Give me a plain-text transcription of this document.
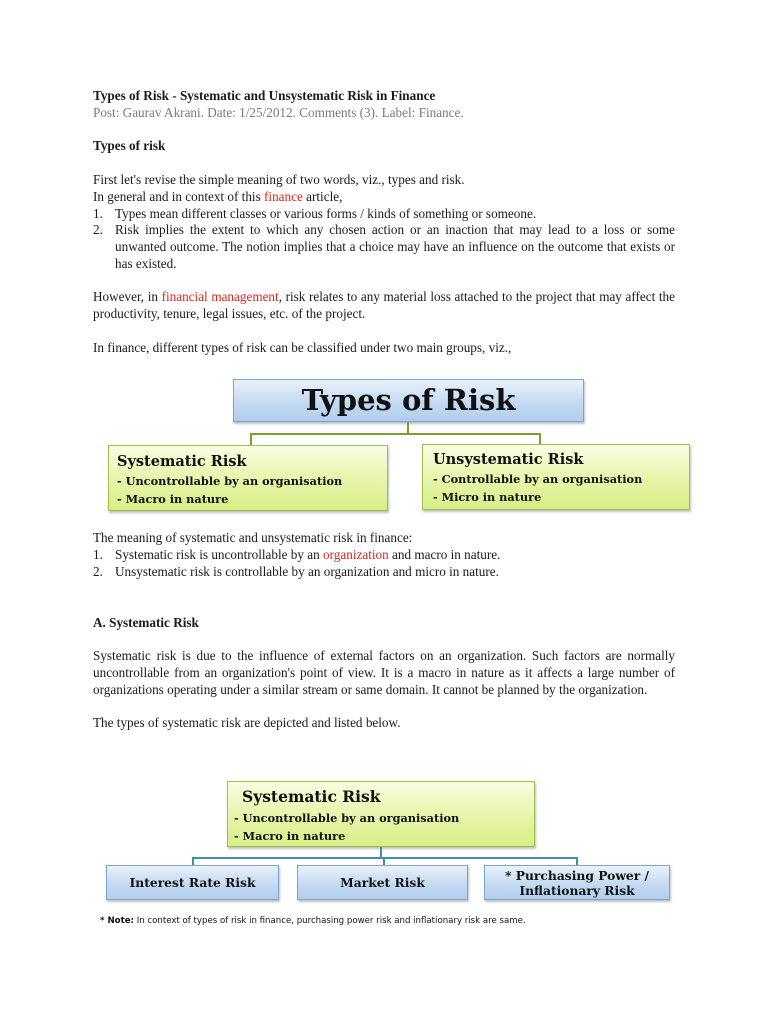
Types of Risk - Systematic and Unsystematic Risk in Finance

Post: Gaurav Akrani. Date: 1/25/2012. Comments (3). Label: Finance.

Types of risk

First let's revise the simple meaning of two words, viz., types and risk.

In general and in context of this finance article,

1. Types mean different classes or various forms / kinds of something or someone.
2. Risk implies the extent to which any chosen action or an inaction that may lead to a loss or some unwanted outcome. The notion implies that a choice may have an influence on the outcome that exists or has existed.

However, in financial management, risk relates to any material loss attached to the project that may affect the productivity, tenure, legal issues, etc. of the project.

In finance, different types of risk can be classified under two main groups, viz.,

The meaning of systematic and unsystematic risk in finance:

1. Systematic risk is uncontrollable by an organization and macro in nature.
2. Unsystematic risk is controllable by an organization and micro in nature.

A. Systematic Risk

Systematic risk is due to the influence of external factors on an organization. Such factors are normally uncontrollable from an organization's point of view. It is a macro in nature as it affects a large number of organizations operating under a similar stream or same domain. It cannot be planned by the organization.

The types of systematic risk are depicted and listed below.

Types of Risk
Systematic Risk
- Uncontrollable by an organisation
- Macro in nature
Unsystematic Risk
- Controllable by an organisation
- Micro in nature
Systematic Risk
- Uncontrollable by an organisation
- Macro in nature
Interest Rate Risk	Market Risk	* Purchasing Power /
Inflationary Risk
* Note: In context of types of risk in finance, purchasing power risk and inflationary risk are same.
